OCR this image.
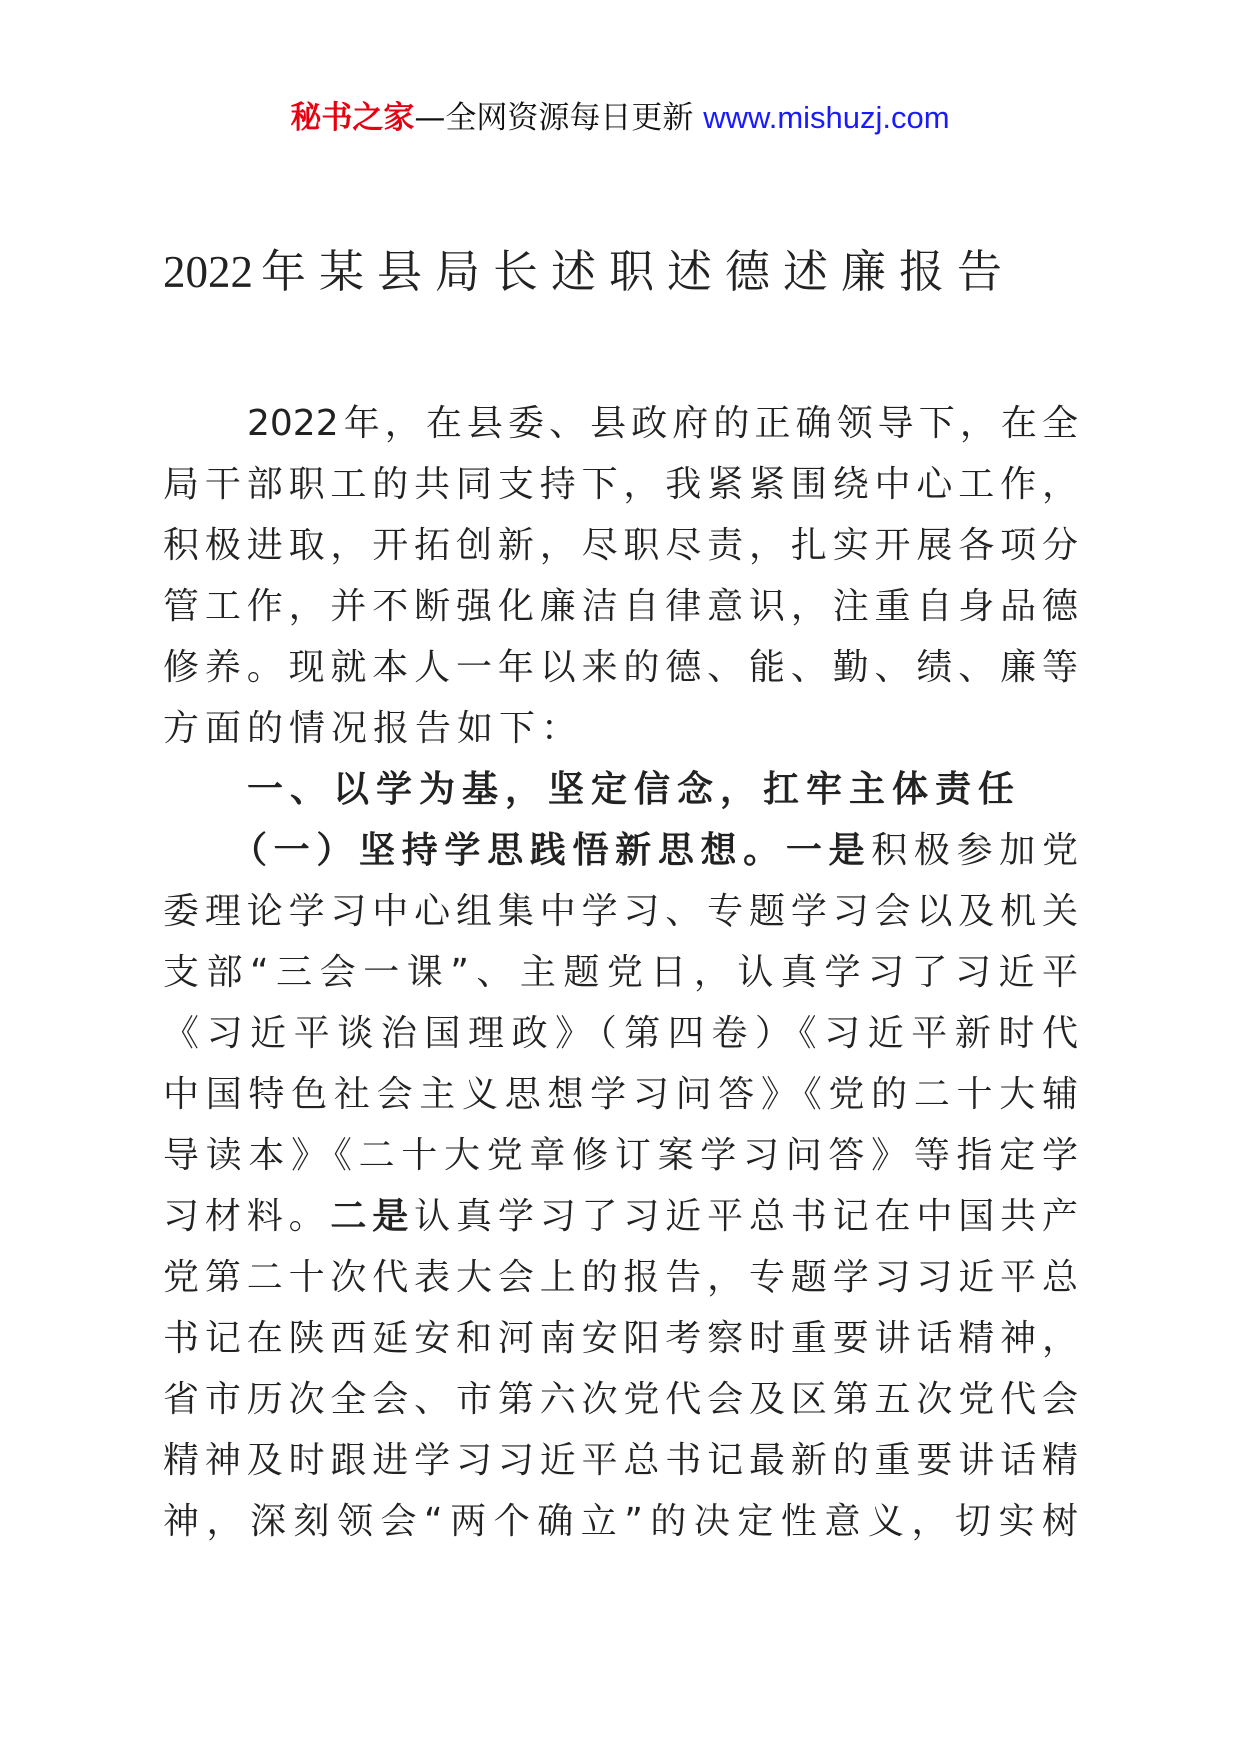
秘书之家—全网资源每日更新 www.mishuzj.com
2022 年某县局长述职述德述廉报告
2022年，在县委、县政府的正确领导下，在全
局干部职工的共同支持下，我紧紧围绕中心工作，
积极进取，开拓创新，尽职尽责，扎实开展各项分
管工作，并不断强化廉洁自律意识，注重自身品德
修养。现就本人一年以来的德、能、勤、绩、廉等
方面的情况报告如下：
一、以学为基，坚定信念，扛牢主体责任
（一）坚持学思践悟新思想。一是积极参加党
委理论学习中心组集中学习、专题学习会以及机关
支部“三会一课”、主题党日，认真学习了习近平
《习近平谈治国理政》（第四卷）《习近平新时代
中国特色社会主义思想学习问答》《党的二十大辅
导读本》《二十大党章修订案学习问答》等指定学
习材料。二是认真学习了习近平总书记在中国共产
党第二十次代表大会上的报告，专题学习习近平总
书记在陕西延安和河南安阳考察时重要讲话精神，
省市历次全会、市第六次党代会及区第五次党代会
精神及时跟进学习习近平总书记最新的重要讲话精
神，深刻领会“两个确立”的决定性意义，切实树
